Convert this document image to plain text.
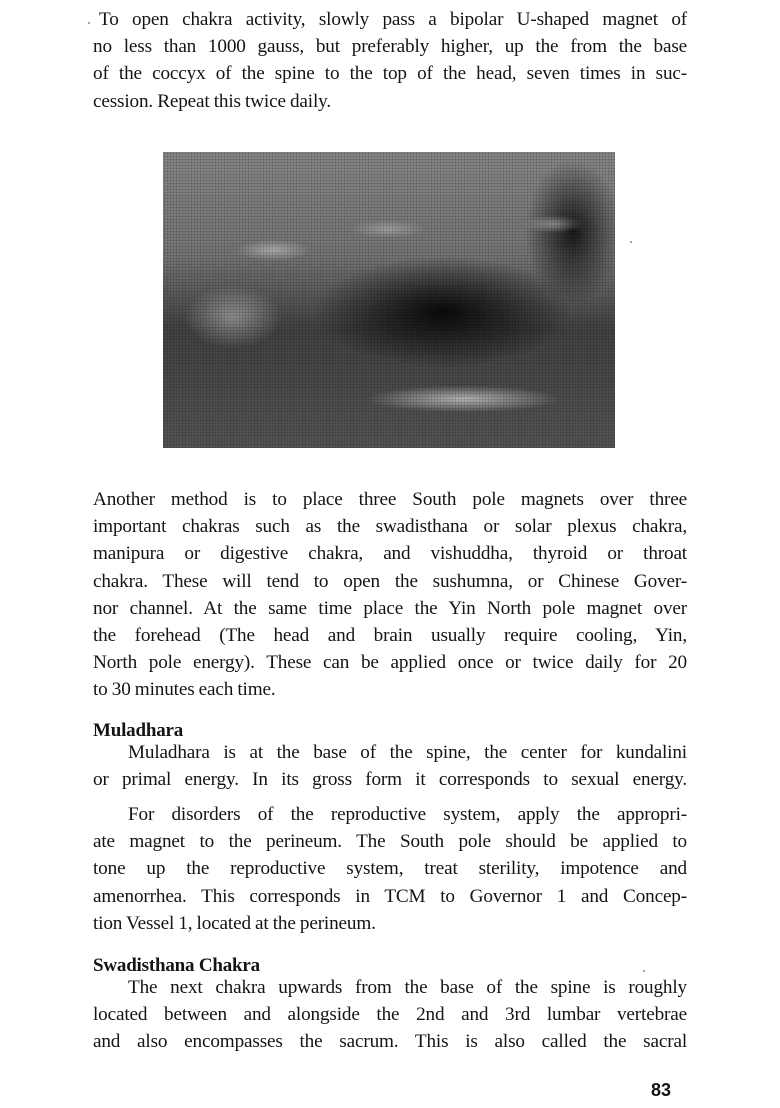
To open chakra activity, slowly pass a bipolar U-shaped magnet of
no less than 1000 gauss, but preferably higher, up the from the base
of the coccyx of the spine to the top of the head, seven times in suc-
cession. Repeat this twice daily.
Another method is to place three South pole magnets over three
important chakras such as the swadisthana or solar plexus chakra,
manipura or digestive chakra, and vishuddha, thyroid or throat
chakra. These will tend to open the sushumna, or Chinese Gover-
nor channel. At the same time place the Yin North pole magnet over
the forehead (The head and brain usually require cooling, Yin,
North pole energy). These can be applied once or twice daily for 20
to 30 minutes each time.
Muladhara
Muladhara is at the base of the spine, the center for kundalini
or primal energy. In its gross form it corresponds to sexual energy.
For disorders of the reproductive system, apply the appropri-
ate magnet to the perineum. The South pole should be applied to
tone up the reproductive system, treat sterility, impotence and
amenorrhea. This corresponds in TCM to Governor 1 and Concep-
tion Vessel 1, located at the perineum.
Swadisthana Chakra
The next chakra upwards from the base of the spine is roughly
located between and alongside the 2nd and 3rd lumbar vertebrae
and also encompasses the sacrum. This is also called the sacral
83
